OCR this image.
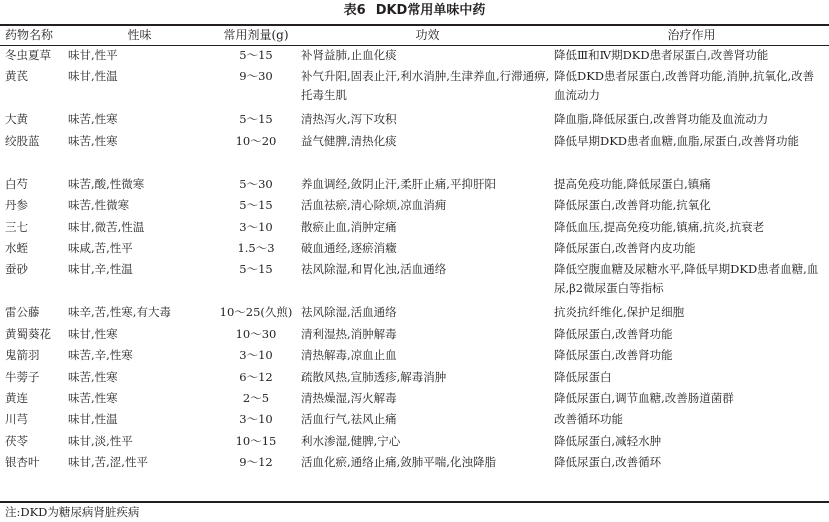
表6 DKD常用单味中药
药物名称	性味	常用剂量(g)	功效	治疗作用
冬虫夏草	味甘,性平	5～15	补肾益肺,止血化痰	降低Ⅲ和Ⅳ期DKD患者尿蛋白,改善肾功能
黄芪	味甘,性温	9～30	补气升阳,固表止汗,利水消肿,生津养血,行滞通痹,托毒生肌	降低DKD患者尿蛋白,改善肾功能,消肿,抗氧化,改善血流动力
大黄	味苦,性寒	5～15	清热泻火,泻下攻积	降血脂,降低尿蛋白,改善肾功能及血流动力
绞股蓝	味苦,性寒	10～20	益气健脾,清热化痰	降低早期DKD患者血糖,血脂,尿蛋白,改善肾功能
白芍	味苦,酸,性微寒	5～30	养血调经,敛阴止汗,柔肝止痛,平抑肝阳	提高免疫功能,降低尿蛋白,镇痛
丹参	味苦,性微寒	5～15	活血祛瘀,清心除烦,凉血消痈	降低尿蛋白,改善肾功能,抗氧化
三七	味甘,微苦,性温	3～10	散瘀止血,消肿定痛	降低血压,提高免疫功能,镇痛,抗炎,抗衰老
水蛭	味咸,苦,性平	1.5～3	破血通经,逐瘀消癥	降低尿蛋白,改善肾内皮功能
蚕砂	味甘,辛,性温	5～15	祛风除湿,和胃化浊,活血通络	降低空腹血糖及尿糖水平,降低早期DKD患者血糖,血尿,β2微尿蛋白等指标
雷公藤	味辛,苦,性寒,有大毒	10～25(久煎)	祛风除湿,活血通络	抗炎抗纤维化,保护足细胞
黄蜀葵花	味甘,性寒	10～30	清利湿热,消肿解毒	降低尿蛋白,改善肾功能
鬼箭羽	味苦,辛,性寒	3～10	清热解毒,凉血止血	降低尿蛋白,改善肾功能
牛蒡子	味苦,性寒	6～12	疏散风热,宣肺透疹,解毒消肿	降低尿蛋白
黄连	味苦,性寒	2～5	清热燥湿,泻火解毒	降低尿蛋白,调节血糖,改善肠道菌群
川芎	味甘,性温	3～10	活血行气,祛风止痛	改善循环功能
茯苓	味甘,淡,性平	10～15	利水渗湿,健脾,宁心	降低尿蛋白,减轻水肿
银杏叶	味甘,苦,涩,性平	9～12	活血化瘀,通络止痛,敛肺平喘,化浊降脂	降低尿蛋白,改善循环
注:DKD为糖尿病肾脏疾病
